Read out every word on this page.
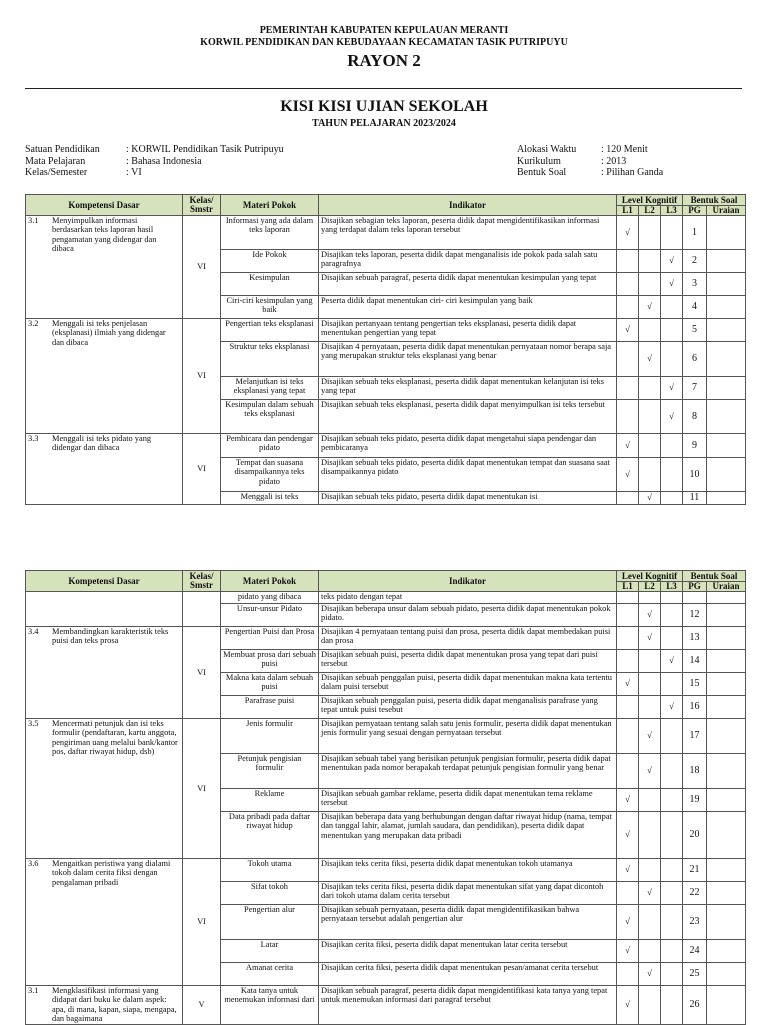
PEMERINTAH KABUPATEN KEPULAUAN MERANTI
KORWIL PENDIDIKAN DAN KEBUDAYAAN KECAMATAN TASIK PUTRIPUYU
RAYON 2
KISI KISI UJIAN SEKOLAH
TAHUN PELAJARAN 2023/2024
Satuan Pendidikan	: KORWIL Pendidikan Tasik Putripuyu
Mata Pelajaran	: Bahasa Indonesia
Kelas/Semester	: VI
Alokasi Waktu	: 120 Menit
Kurikulum	: 2013
Bentuk Soal	: Pilihan Ganda
Kompetensi Dasar	Kelas/ Smstr	Materi Pokok	Indikator	Level Kognitif			Bentuk Soal	
				L1	L2	L3	PG	Uraian
3.1 Menyimpulkan informasi berdasarkan teks laporan hasil pengamatan yang didengar dan dibaca	VI	Informasi yang ada dalam teks laporan	Disajikan sebagian teks laporan, peserta didik dapat mengidentifikasikan informasi yang terdapat dalam teks laporan tersebut	√			1	
		Ide Pokok	Disajikan teks laporan, peserta didik dapat menganalisis ide pokok pada salah satu paragrafnya			√	2	
		Kesimpulan	Disajikan sebuah paragraf, peserta didik dapat menentukan kesimpulan yang tepat			√	3	
		Ciri-ciri kesimpulan yang baik	Peserta didik dapat menentukan ciri- ciri kesimpulan yang baik		√		4	
3.2 Menggali isi teks penjelasan (eksplanasi) ilmiah yang didengar dan dibaca	VI	Pengertian teks eksplanasi	Disajikan pertanyaan tentang pengertian teks eksplanasi, peserta didik dapat menentukan pengertian yang tepat	√			5	
		Struktur teks eksplanasi	Disajikan 4 pernyataan, peserta didik dapat menentukan pernyataan nomor berapa saja yang merupakan struktur teks eksplanasi yang benar		√		6	
		Melanjutkan isi teks eksplanasi yang tepat	Disajikan sebuah teks eksplanasi, peserta didik dapat menentukan kelanjutan isi teks yang tepat			√	7	
		Kesimpulan dalam sebuah teks eksplanasi	Disajikan sebuah teks eksplanasi, peserta didik dapat menyimpulkan isi teks tersebut			√	8	
3.3 Menggali isi teks pidato yang didengar dan dibaca	VI	Pembicara dan pendengar pidato	Disajikan sebuah teks pidato, peserta didik dapat mengetahui siapa pendengar dan pembicaranya	√			9	
		Tempat dan suasana disampaikannya teks pidato	Disajikan sebuah teks pidato, peserta didik dapat menentukan tempat dan suasana saat disampaikannya pidato	√			10	
		Menggali isi teks	Disajikan sebuah teks pidato, peserta didik dapat menentukan isi		√		11	
Kompetensi Dasar	Kelas/ Smstr	Materi Pokok	Indikator	Level Kognitif			Bentuk Soal	
				L1	L2	L3	PG	Uraian
		pidato yang dibaca	teks pidato dengan tepat					
		Unsur-unsur Pidato	Disajikan beberapa unsur dalam sebuah pidato, peserta didik dapat menentukan pokok pidato.		√		12	
3.4 Membandingkan karakteristik teks puisi dan teks prosa	VI	Pengertian Puisi dan Prosa	Disajikan 4 pernyataan tentang puisi dan prosa, peserta didik dapat membedakan puisi dan prosa		√		13	
		Membuat prosa dari sebuah puisi	Disajikan sebuah puisi, peserta didik dapat menentukan prosa yang tepat dari puisi tersebut			√	14	
		Makna kata dalam sebuah puisi	Disajikan sebuah penggalan puisi, peserta didik dapat menentukan makna kata tertentu dalam puisi tersebut	√			15	
		Parafrase puisi	Disajikan sebuah penggalan puisi, peserta didik dapat menganalisis parafrase yang tepat untuk puisi tesebut			√	16	
3.5 Mencermati petunjuk dan isi teks formulir (pendaftaran, kartu anggota, pengiriman uang melalui bank/kantor pos, daftar riwayat hidup, dsb)	VI	Jenis formulir	Disajikan pernyataan tentang salah satu jenis formulir, peserta didik dapat menentukan jenis formulir yang sesuai dengan pernyataan tersebut		√		17	
		Petunjuk pengisian formulir	Disajikan sebuah tabel yang berisikan petunjuk pengisian formulir, peserta didik dapat menentukan pada nomor berapakah terdapat petunjuk pengisian formulir yang benar		√		18	
		Reklame	Disajikan sebuah gambar reklame, peserta didik dapat menentukan tema reklame tersebut	√			19	
		Data pribadi pada daftar riwayat hidup	Disajikan beberapa data yang berhubungan dengan daftar riwayat hidup (nama, tempat dan tanggal lahir, alamat, jumlah saudara, dan pendidikan), peserta didik dapat menentukan yang merupakan data pribadi	√			20	
3.6 Mengaitkan peristiwa yang dialami tokoh dalam cerita fiksi dengan pengalaman pribadi	VI	Tokoh utama	Disajikan teks cerita fiksi, peserta didik dapat menentukan tokoh utamanya	√			21	
		Sifat tokoh	Disajikan teks cerita fiksi, peserta didik dapat menentukan sifat yang dapat dicontoh dari tokoh utama dalam cerita tersebut		√		22	
		Pengertian alur	Disajikan sebuah pernyataan, peserta didik dapat mengidentifikasikan bahwa pernyataan tersebut adalah pengertian alur	√			23	
		Latar	Disajikan cerita fiksi, peserta didik dapat menentukan latar cerita tersebut	√			24	
		Amanat cerita	Disajikan cerita fiksi, peserta didik dapat menentukan pesan/amanat cerita tersebut		√		25	
3.1 Mengklasifikasi informasi yang didapat dari buku ke dalam aspek: apa, di mana, kapan, siapa, mengapa, dan bagaimana	V	Kata tanya untuk menemukan informasi dari	Disajikan sebuah paragraf, peserta didik dapat mengidentifikasi kata tanya yang tepat untuk menemukan informasi dari paragraf tersebut	√			26	
